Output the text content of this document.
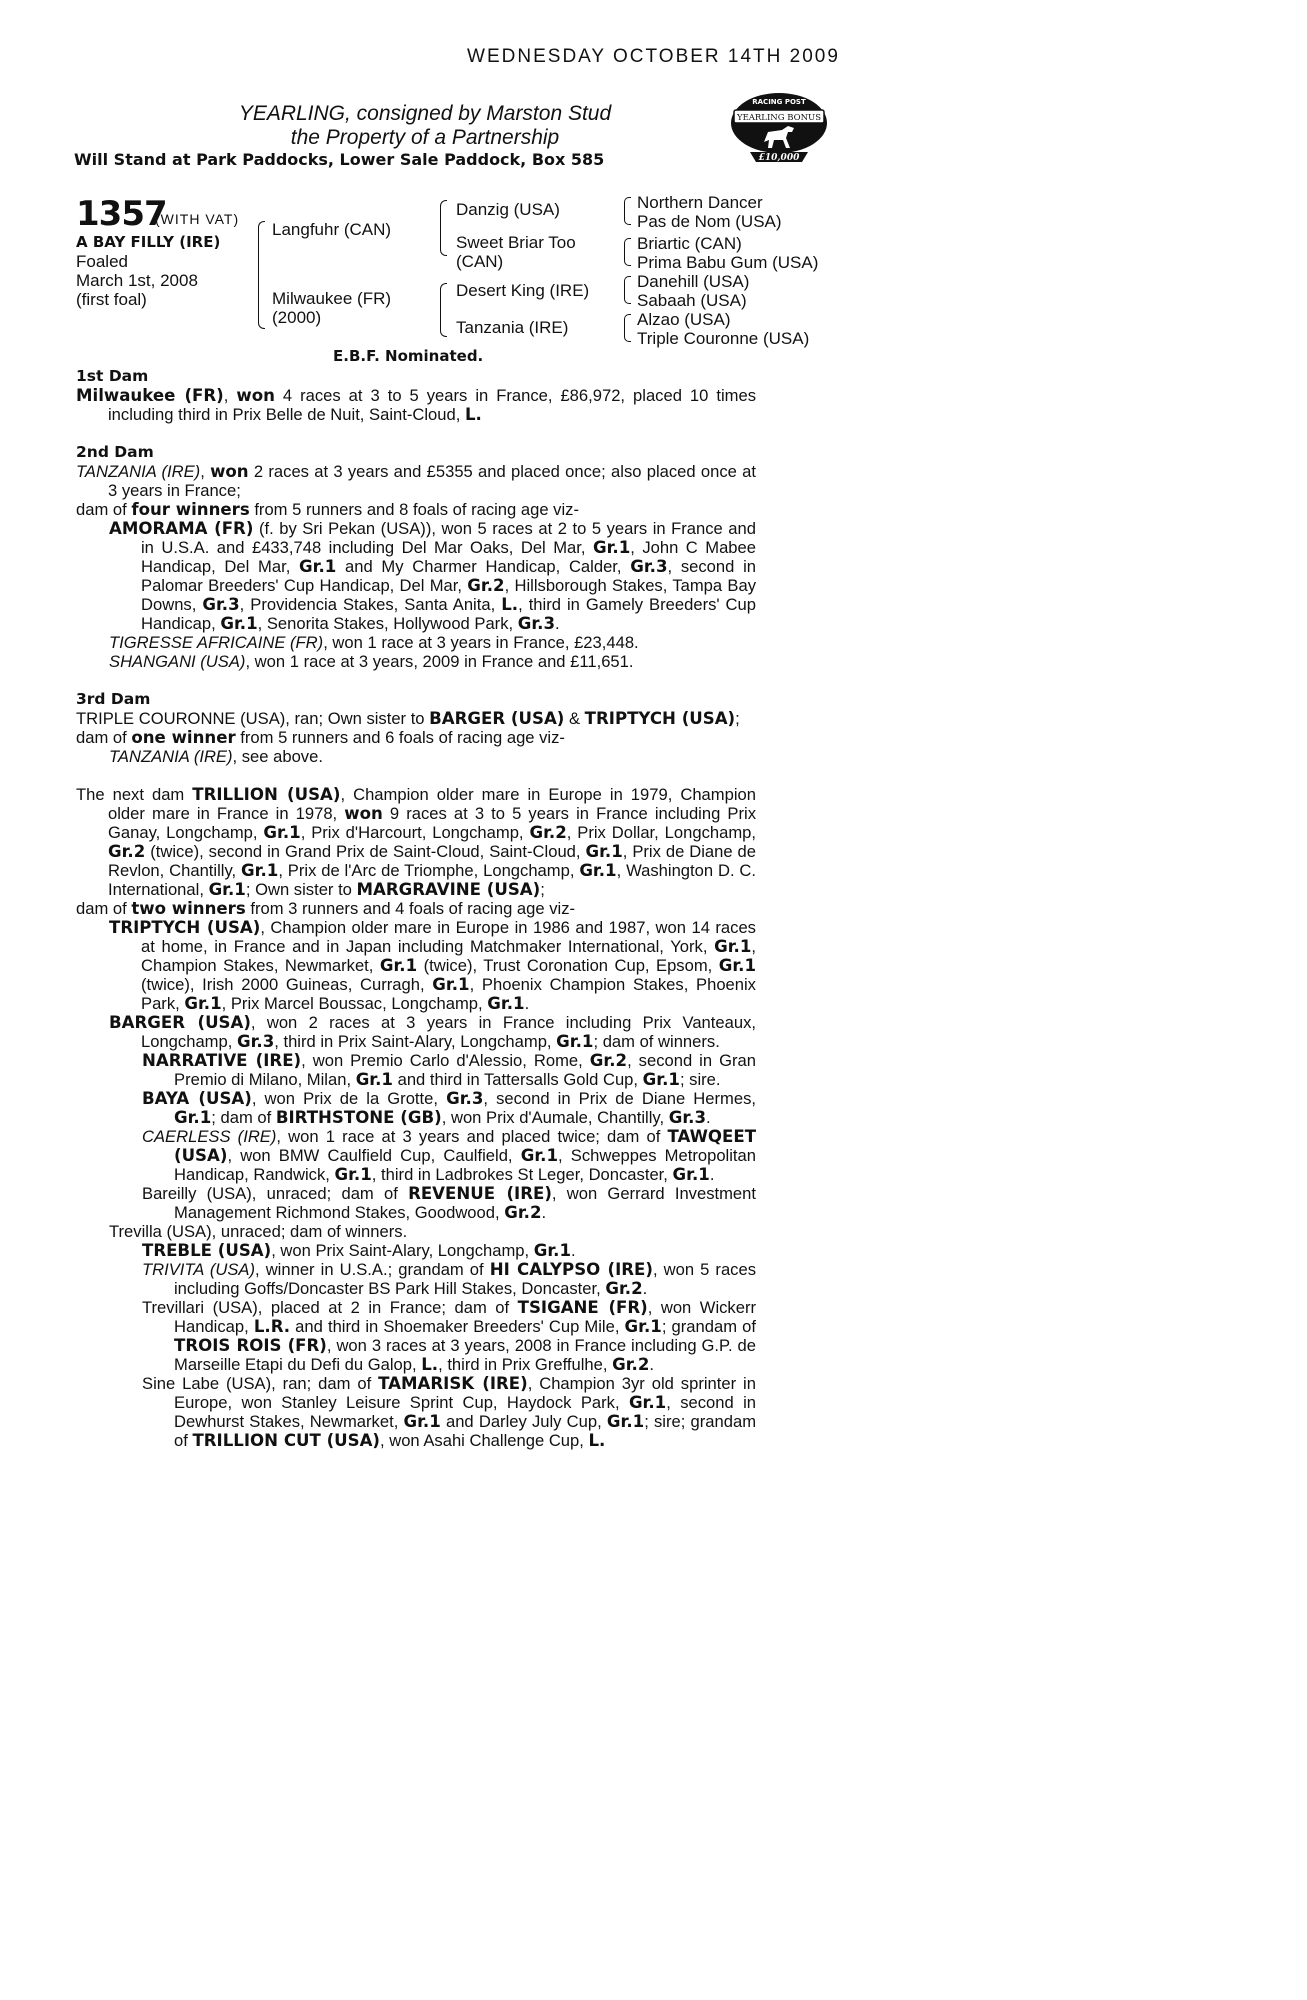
WEDNESDAY OCTOBER 14TH 2009
YEARLING, consigned by Marston Stud
the Property of a Partnership
Will Stand at Park Paddocks, Lower Sale Paddock, Box 585
RACING POST
YEARLING BONUS
£10,000
1357
(WITH VAT)
A BAY FILLY (IRE)
Foaled
March 1st, 2008
(first foal)
Langfuhr (CAN)
Milwaukee (FR)
(2000)
Danzig (USA)
Sweet Briar Too
(CAN)
Desert King (IRE)
Tanzania (IRE)
Northern Dancer
Pas de Nom (USA)
Briartic (CAN)
Prima Babu Gum (USA)
Danehill (USA)
Sabaah (USA)
Alzao (USA)
Triple Couronne (USA)
E.B.F. Nominated.

1st Dam

Milwaukee (FR), won 4 races at 3 to 5 years in France, £86,972, placed 10 times including third in Prix Belle de Nuit, Saint-Cloud, L.

2nd Dam

TANZANIA (IRE), won 2 races at 3 years and £5355 and placed once; also placed once at 3 years in France;

dam of four winners from 5 runners and 8 foals of racing age viz-

AMORAMA (FR) (f. by Sri Pekan (USA)), won 5 races at 2 to 5 years in France and in U.S.A. and £433,748 including Del Mar Oaks, Del Mar, Gr.1, John C Mabee Handicap, Del Mar, Gr.1 and My Charmer Handicap, Calder, Gr.3, second in Palomar Breeders' Cup Handicap, Del Mar, Gr.2, Hillsborough Stakes, Tampa Bay Downs, Gr.3, Providencia Stakes, Santa Anita, L., third in Gamely Breeders' Cup Handicap, Gr.1, Senorita Stakes, Hollywood Park, Gr.3.

TIGRESSE AFRICAINE (FR), won 1 race at 3 years in France, £23,448.

SHANGANI (USA), won 1 race at 3 years, 2009 in France and £11,651.

3rd Dam

TRIPLE COURONNE (USA), ran; Own sister to BARGER (USA) & TRIPTYCH (USA);

dam of one winner from 5 runners and 6 foals of racing age viz-

TANZANIA (IRE), see above.

The next dam TRILLION (USA), Champion older mare in Europe in 1979, Champion older mare in France in 1978, won 9 races at 3 to 5 years in France including Prix Ganay, Longchamp, Gr.1, Prix d'Harcourt, Longchamp, Gr.2, Prix Dollar, Longchamp, Gr.2 (twice), second in Grand Prix de Saint-Cloud, Saint-Cloud, Gr.1, Prix de Diane de Revlon, Chantilly, Gr.1, Prix de l'Arc de Triomphe, Longchamp, Gr.1, Washington D. C. International, Gr.1; Own sister to MARGRAVINE (USA);

dam of two winners from 3 runners and 4 foals of racing age viz-

TRIPTYCH (USA), Champion older mare in Europe in 1986 and 1987, won 14 races at home, in France and in Japan including Matchmaker International, York, Gr.1, Champion Stakes, Newmarket, Gr.1 (twice), Trust Coronation Cup, Epsom, Gr.1 (twice), Irish 2000 Guineas, Curragh, Gr.1, Phoenix Champion Stakes, Phoenix Park, Gr.1, Prix Marcel Boussac, Longchamp, Gr.1.

BARGER (USA), won 2 races at 3 years in France including Prix Vanteaux, Longchamp, Gr.3, third in Prix Saint-Alary, Longchamp, Gr.1; dam of winners.

NARRATIVE (IRE), won Premio Carlo d'Alessio, Rome, Gr.2, second in Gran Premio di Milano, Milan, Gr.1 and third in Tattersalls Gold Cup, Gr.1; sire.

BAYA (USA), won Prix de la Grotte, Gr.3, second in Prix de Diane Hermes, Gr.1; dam of BIRTHSTONE (GB), won Prix d'Aumale, Chantilly, Gr.3.

CAERLESS (IRE), won 1 race at 3 years and placed twice; dam of TAWQEET (USA), won BMW Caulfield Cup, Caulfield, Gr.1, Schweppes Metropolitan Handicap, Randwick, Gr.1, third in Ladbrokes St Leger, Doncaster, Gr.1.

Bareilly (USA), unraced; dam of REVENUE (IRE), won Gerrard Investment Management Richmond Stakes, Goodwood, Gr.2.

Trevilla (USA), unraced; dam of winners.

TREBLE (USA), won Prix Saint-Alary, Longchamp, Gr.1.

TRIVITA (USA), winner in U.S.A.; grandam of HI CALYPSO (IRE), won 5 races including Goffs/Doncaster BS Park Hill Stakes, Doncaster, Gr.2.

Trevillari (USA), placed at 2 in France; dam of TSIGANE (FR), won Wickerr Handicap, L.R. and third in Shoemaker Breeders' Cup Mile, Gr.1; grandam of TROIS ROIS (FR), won 3 races at 3 years, 2008 in France including G.P. de Marseille Etapi du Defi du Galop, L., third in Prix Greffulhe, Gr.2.

Sine Labe (USA), ran; dam of TAMARISK (IRE), Champion 3yr old sprinter in Europe, won Stanley Leisure Sprint Cup, Haydock Park, Gr.1, second in Dewhurst Stakes, Newmarket, Gr.1 and Darley July Cup, Gr.1; sire; grandam of TRILLION CUT (USA), won Asahi Challenge Cup, L.
